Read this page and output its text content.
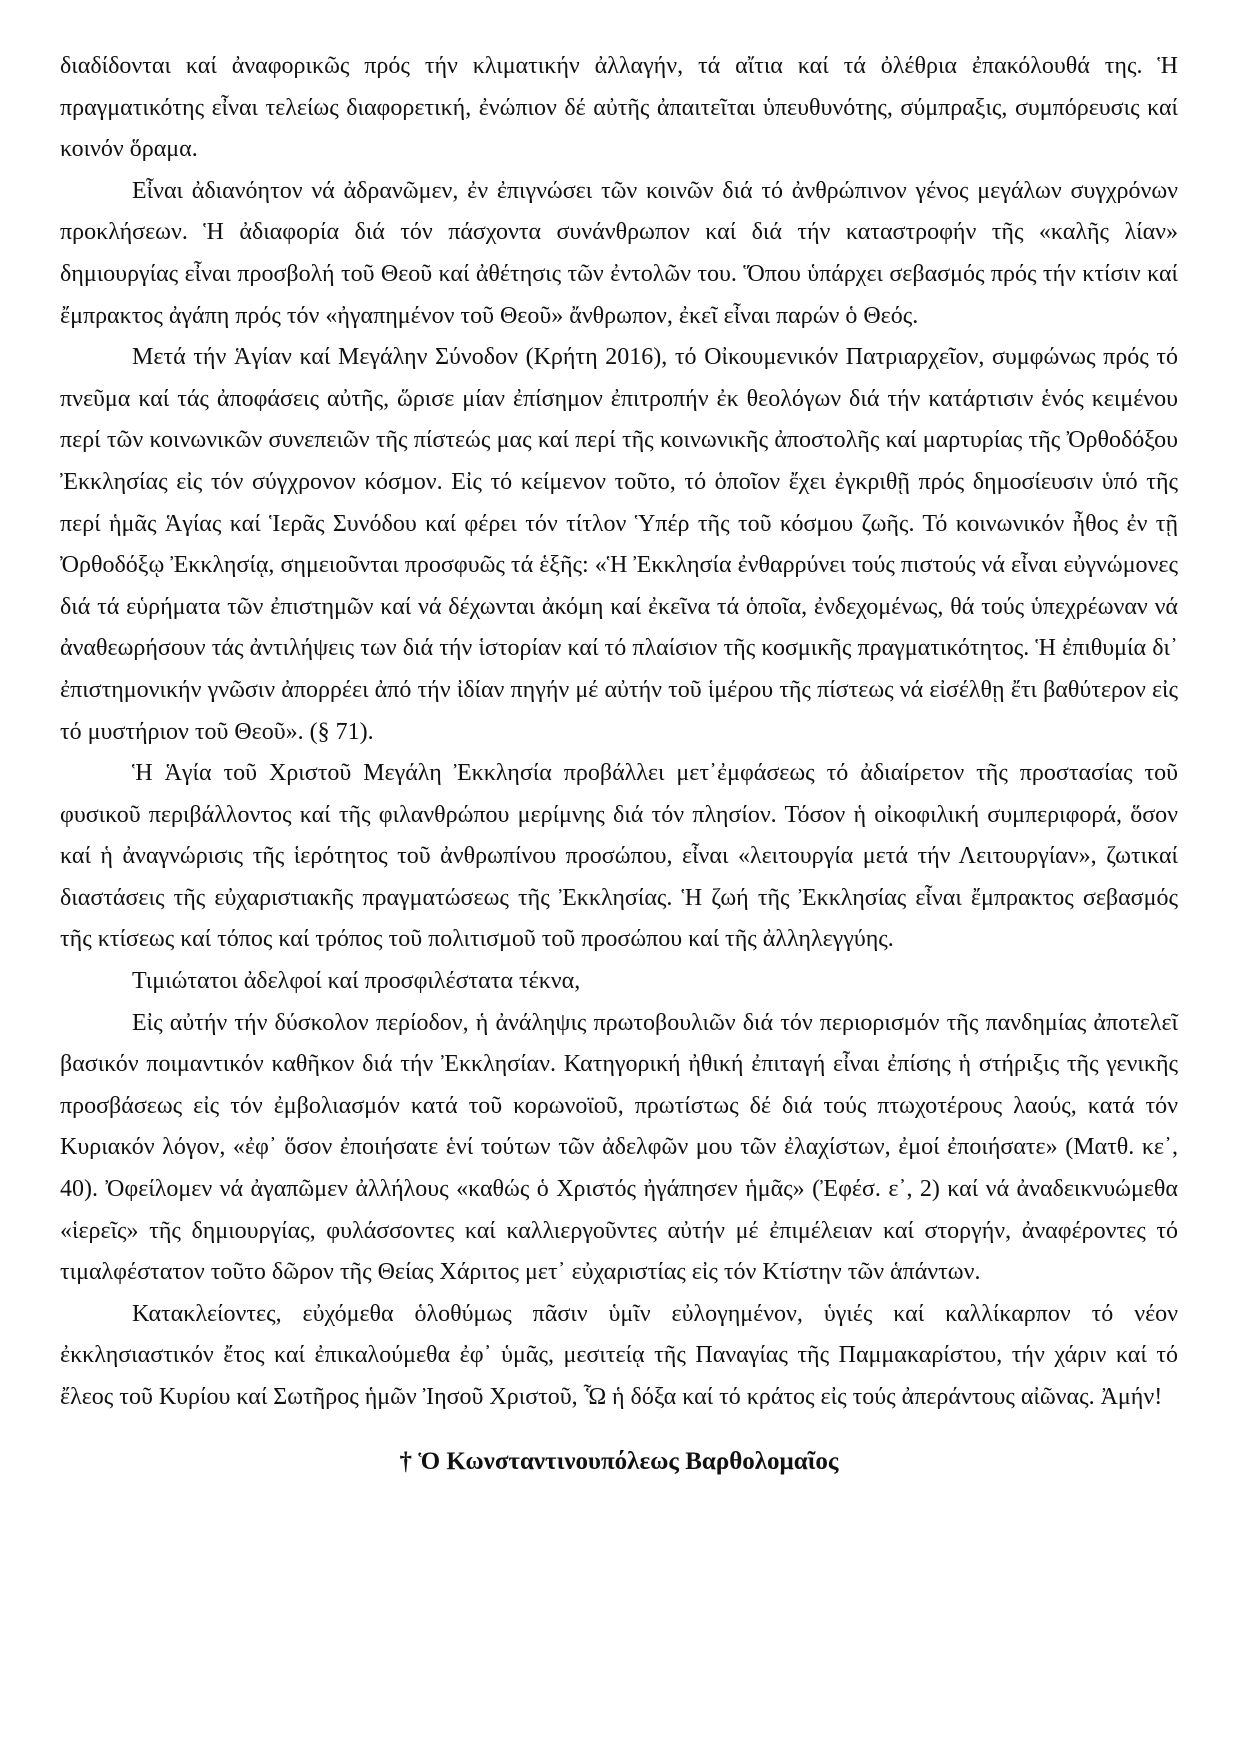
διαδίδονται καί ἀναφορικῶς πρός τήν κλιματικήν ἀλλαγήν, τά αἴτια καί τά ὀλέθρια ἐπακόλουθά της. Ἡ πραγματικότης εἶναι τελείως διαφορετική, ἐνώπιον δέ αὐτῆς ἀπαιτεῖται ὑπευθυνότης, σύμπραξις, συμπόρευσις καί κοινόν ὅραμα.

Εἶναι ἀδιανόητον νά ἀδρανῶμεν, ἐν ἐπιγνώσει τῶν κοινῶν διά τό ἀνθρώπινον γένος μεγάλων συγχρόνων προκλήσεων. Ἡ ἀδιαφορία διά τόν πάσχοντα συνάνθρωπον καί διά τήν καταστροφήν τῆς «καλῆς λίαν» δημιουργίας εἶναι προσβολή τοῦ Θεοῦ καί ἀθέτησις τῶν ἐντολῶν του. Ὅπου ὑπάρχει σεβασμός πρός τήν κτίσιν καί ἔμπρακτος ἀγάπη πρός τόν «ἠγαπημένον τοῦ Θεοῦ» ἄνθρωπον, ἐκεῖ εἶναι παρών ὁ Θεός.

Μετά τήν Ἁγίαν καί Μεγάλην Σύνοδον (Κρήτη 2016), τό Οἰκουμενικόν Πατριαρχεῖον, συμφώνως πρός τό πνεῦμα καί τάς ἀποφάσεις αὐτῆς, ὥρισε μίαν ἐπίσημον ἐπιτροπήν ἐκ θεολόγων διά τήν κατάρτισιν ἑνός κειμένου περί τῶν κοινωνικῶν συνεπειῶν τῆς πίστεώς μας καί περί τῆς κοινωνικῆς ἀποστολῆς καί μαρτυρίας τῆς Ὀρθοδόξου Ἐκκλησίας εἰς τόν σύγχρονον κόσμον. Εἰς τό κείμενον τοῦτο, τό ὁποῖον ἔχει ἐγκριθῇ πρός δημοσίευσιν ὑπό τῆς περί ἡμᾶς Ἁγίας καί Ἱερᾶς Συνόδου καί φέρει τόν τίτλον Ὑπέρ τῆς τοῦ κόσμου ζωῆς. Τό κοινωνικόν ἦθος ἐν τῇ Ὀρθοδόξῳ Ἐκκλησίᾳ, σημειοῦνται προσφυῶς τά ἑξῆς: «Ἡ Ἐκκλησία ἐνθαρρύνει τούς πιστούς νά εἶναι εὐγνώμονες διά τά εὑρήματα τῶν ἐπιστημῶν καί νά δέχωνται ἀκόμη καί ἐκεῖνα τά ὁποῖα, ἐνδεχομένως, θά τούς ὑπεχρέωναν νά ἀναθεωρήσουν τάς ἀντιλήψεις των διά τήν ἱστορίαν καί τό πλαίσιον τῆς κοσμικῆς πραγματικότητος. Ἡ ἐπιθυμία δι᾽ ἐπιστημονικήν γνῶσιν ἀπορρέει ἀπό τήν ἰδίαν πηγήν μέ αὐτήν τοῦ ἱμέρου τῆς πίστεως νά εἰσέλθῃ ἔτι βαθύτερον εἰς τό μυστήριον τοῦ Θεοῦ». (§ 71).

Ἡ Ἁγία τοῦ Χριστοῦ Μεγάλη Ἐκκλησία προβάλλει μετ᾽ἐμφάσεως τό ἀδιαίρετον τῆς προστασίας τοῦ φυσικοῦ περιβάλλοντος καί τῆς φιλανθρώπου μερίμνης διά τόν πλησίον. Τόσον ἡ οἰκοφιλική συμπεριφορά, ὅσον καί ἡ ἀναγνώρισις τῆς ἱερότητος τοῦ ἀνθρωπίνου προσώπου, εἶναι «λειτουργία μετά τήν Λειτουργίαν», ζωτικαί διαστάσεις τῆς εὐχαριστιακῆς πραγματώσεως τῆς Ἐκκλησίας. Ἡ ζωή τῆς Ἐκκλησίας εἶναι ἔμπρακτος σεβασμός τῆς κτίσεως καί τόπος καί τρόπος τοῦ πολιτισμοῦ τοῦ προσώπου καί τῆς ἀλληλεγγύης.

Τιμιώτατοι ἀδελφοί καί προσφιλέστατα τέκνα,

Εἰς αὐτήν τήν δύσκολον περίοδον, ἡ ἀνάληψις πρωτοβουλιῶν διά τόν περιορισμόν τῆς πανδημίας ἀποτελεῖ βασικόν ποιμαντικόν καθῆκον διά τήν Ἐκκλησίαν. Κατηγορική ἠθική ἐπιταγή εἶναι ἐπίσης ἡ στήριξις τῆς γενικῆς προσβάσεως εἰς τόν ἐμβολιασμόν κατά τοῦ κορωνοϊοῦ, πρωτίστως δέ διά τούς πτωχοτέρους λαούς, κατά τόν Κυριακόν λόγον, «ἐφ᾽ ὅσον ἐποιήσατε ἑνί τούτων τῶν ἀδελφῶν μου τῶν ἐλαχίστων, ἐμοί ἐποιήσατε» (Ματθ. κε᾽, 40). Ὀφείλομεν νά ἀγαπῶμεν ἀλλήλους «καθώς ὁ Χριστός ἠγάπησεν ἡμᾶς» (Ἐφέσ. ε᾽, 2) καί νά ἀναδεικνυώμεθα «ἱερεῖς» τῆς δημιουργίας, φυλάσσοντες καί καλλιεργοῦντες αὐτήν μέ ἐπιμέλειαν καί στοργήν, ἀναφέροντες τό τιμαλφέστατον τοῦτο δῶρον τῆς Θείας Χάριτος μετ᾽ εὐχαριστίας εἰς τόν Κτίστην τῶν ἁπάντων.

Κατακλείοντες, εὐχόμεθα ὁλοθύμως πᾶσιν ὑμῖν εὐλογημένον, ὑγιές καί καλλίκαρπον τό νέον ἐκκλησιαστικόν ἔτος καί ἐπικαλούμεθα ἐφ᾽ ὑμᾶς, μεσιτείᾳ τῆς Παναγίας τῆς Παμμακαρίστου, τήν χάριν καί τό ἔλεος τοῦ Κυρίου καί Σωτῆρος ἡμῶν Ἰησοῦ Χριστοῦ, Ὧ ἡ δόξα καί τό κράτος εἰς τούς ἀπεράντους αἰῶνας. Ἀμήν!

† Ὁ Κωνσταντινουπόλεως Βαρθολομαῖος
